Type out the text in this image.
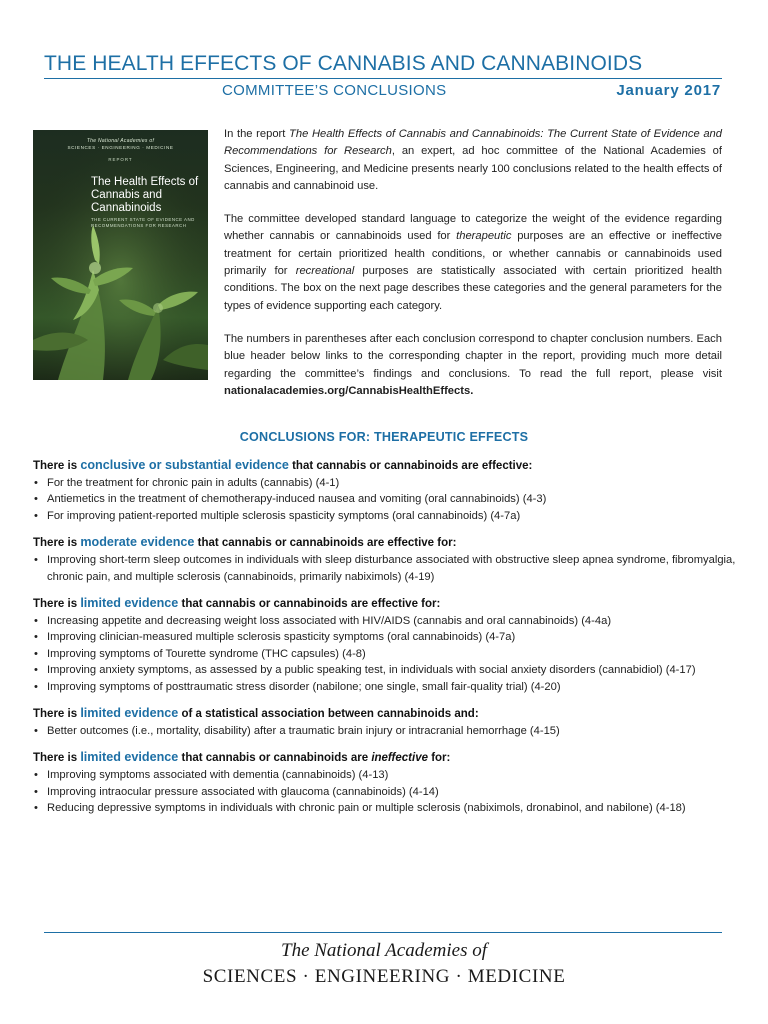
THE HEALTH EFFECTS OF CANNABIS AND CANNABINOIDS
COMMITTEE’S CONCLUSIONS	January 2017
The National Academies of
SCIENCES · ENGINEERING · MEDICINE
REPORT
The Health Effects of Cannabis and Cannabinoids
THE CURRENT STATE OF EVIDENCE AND RECOMMENDATIONS FOR RESEARCH

In the report The Health Effects of Cannabis and Cannabinoids: The Current State of Evidence and Recommendations for Research, an expert, ad hoc committee of the National Academies of Sciences, Engineering, and Medicine presents nearly 100 conclusions related to the health effects of cannabis and cannabinoid use.

The committee developed standard language to categorize the weight of the evidence regarding whether cannabis or cannabinoids used for therapeutic purposes are an effective or ineffective treatment for certain prioritized health conditions, or whether cannabis or cannabinoids used primarily for recreational purposes are statistically associated with certain prioritized health conditions. The box on the next page describes these categories and the general parameters for the types of evidence supporting each category.

The numbers in parentheses after each conclusion correspond to chapter conclusion numbers. Each blue header below links to the corresponding chapter in the report, providing much more detail regarding the committee’s findings and conclusions. To read the full report, please visit nationalacademies.org/CannabisHealthEffects.

CONCLUSIONS FOR: THERAPEUTIC EFFECTS
There is conclusive or substantial evidence that cannabis or cannabinoids are effective:
• For the treatment for chronic pain in adults (cannabis) (4-1)
• Antiemetics in the treatment of chemotherapy-induced nausea and vomiting (oral cannabinoids) (4-3)
• For improving patient-reported multiple sclerosis spasticity symptoms (oral cannabinoids) (4-7a)
There is moderate evidence that cannabis or cannabinoids are effective for:
• Improving short-term sleep outcomes in individuals with sleep disturbance associated with obstructive sleep apnea syndrome, fibromyalgia, chronic pain, and multiple sclerosis (cannabinoids, primarily nabiximols) (4-19)
There is limited evidence that cannabis or cannabinoids are effective for:
• Increasing appetite and decreasing weight loss associated with HIV/AIDS (cannabis and oral cannabinoids) (4-4a)
• Improving clinician-measured multiple sclerosis spasticity symptoms (oral cannabinoids) (4-7a)
• Improving symptoms of Tourette syndrome (THC capsules) (4-8)
• Improving anxiety symptoms, as assessed by a public speaking test, in individuals with social anxiety disorders (cannabidiol) (4-17)
• Improving symptoms of posttraumatic stress disorder (nabilone; one single, small fair-quality trial) (4-20)
There is limited evidence of a statistical association between cannabinoids and:
• Better outcomes (i.e., mortality, disability) after a traumatic brain injury or intracranial hemorrhage (4-15)
There is limited evidence that cannabis or cannabinoids are ineffective for:
• Improving symptoms associated with dementia (cannabinoids) (4-13)
• Improving intraocular pressure associated with glaucoma (cannabinoids) (4-14)
• Reducing depressive symptoms in individuals with chronic pain or multiple sclerosis (nabiximols, dronabinol, and nabilone) (4-18)
The National Academies of
SCIENCES · ENGINEERING · MEDICINE
